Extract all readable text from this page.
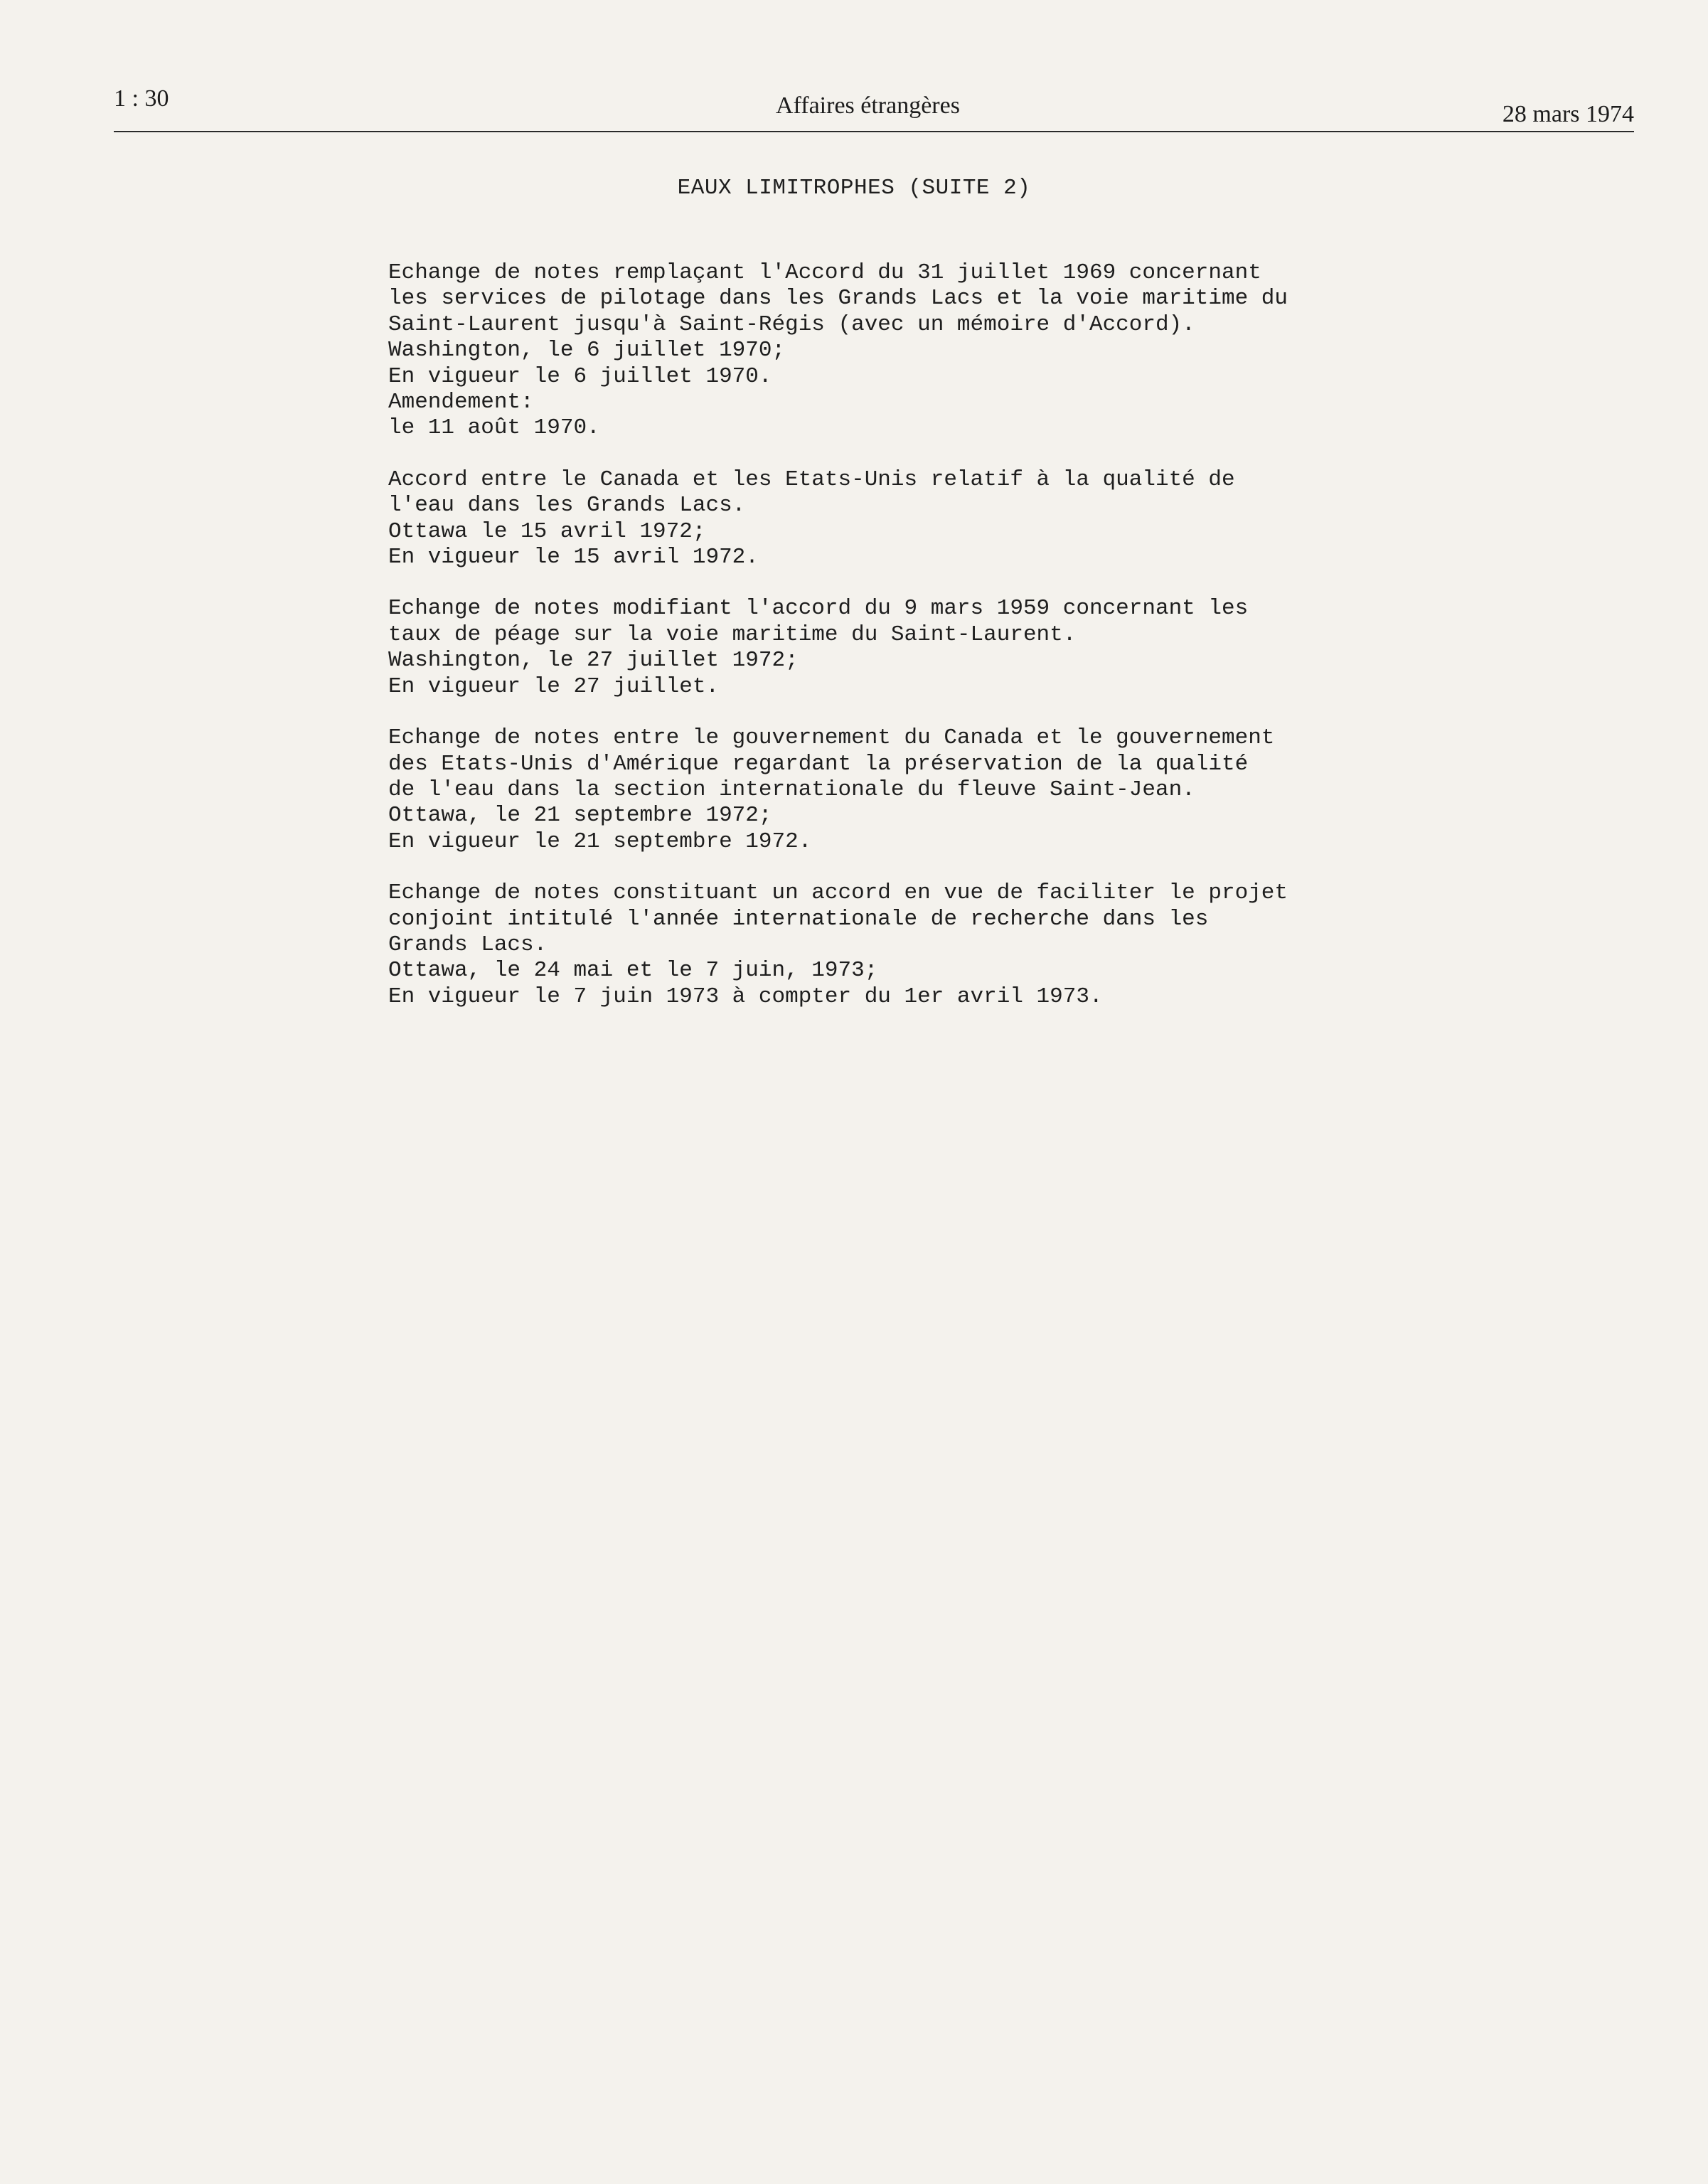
1 : 30	Affaires étrangères	28 mars 1974
EAUX LIMITROPHES (SUITE 2)
Echange de notes remplaçant l'Accord du 31 juillet 1969 concernant
les services de pilotage dans les Grands Lacs et la voie maritime du
Saint-Laurent jusqu'à Saint-Régis (avec un mémoire d'Accord).
Washington, le 6 juillet 1970;
En vigueur le 6 juillet 1970.
Amendement:
le 11 août 1970.
Accord entre le Canada et les Etats-Unis relatif à la qualité de
l'eau dans les Grands Lacs.
Ottawa le 15 avril 1972;
En vigueur le 15 avril 1972.
Echange de notes modifiant l'accord du 9 mars 1959 concernant les
taux de péage sur la voie maritime du Saint-Laurent.
Washington, le 27 juillet 1972;
En vigueur le 27 juillet.
Echange de notes entre le gouvernement du Canada et le gouvernement
des Etats-Unis d'Amérique regardant la préservation de la qualité
de l'eau dans la section internationale du fleuve Saint-Jean.
Ottawa, le 21 septembre 1972;
En vigueur le 21 septembre 1972.
Echange de notes constituant un accord en vue de faciliter le projet
conjoint intitulé l'année internationale de recherche dans les
Grands Lacs.
Ottawa, le 24 mai et le 7 juin, 1973;
En vigueur le 7 juin 1973 à compter du 1er avril 1973.
